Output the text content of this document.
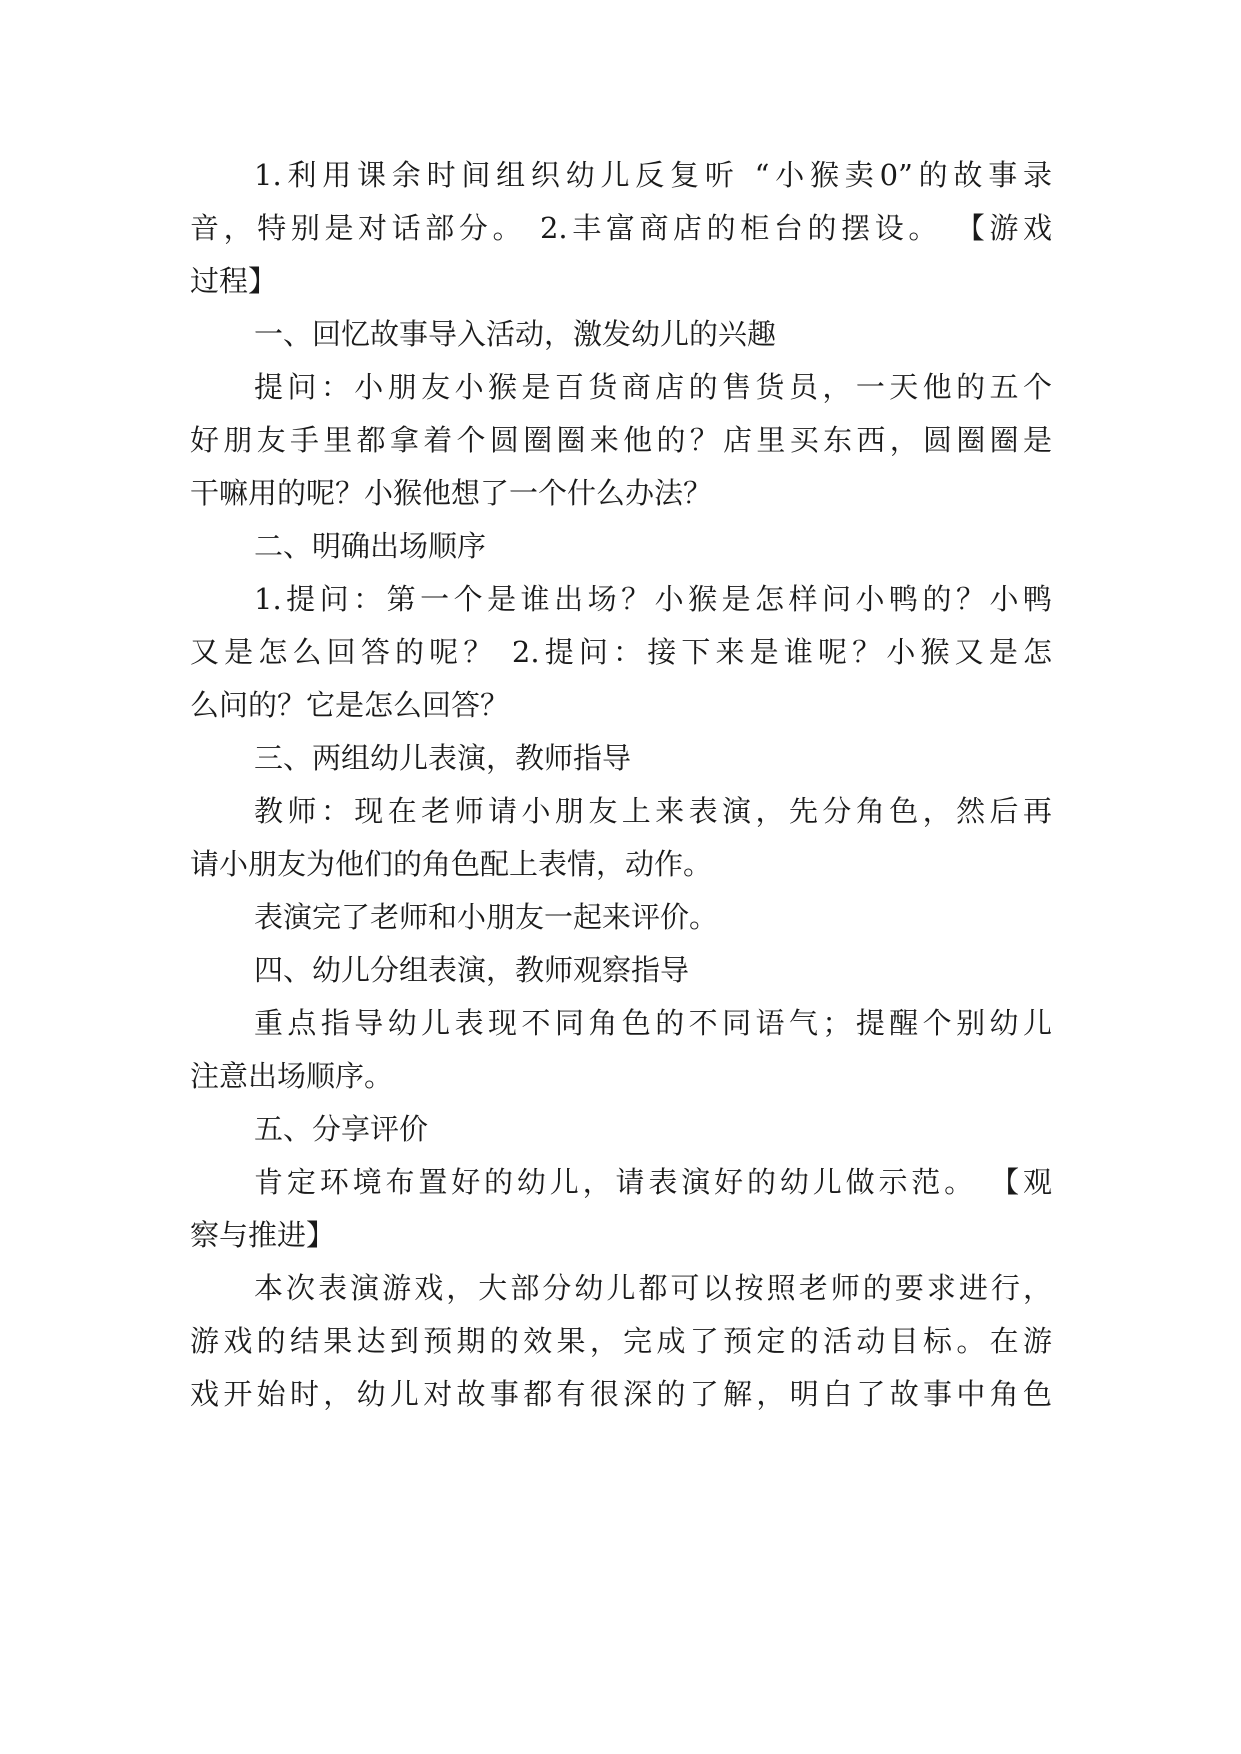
1.利用课余时间组织幼儿反复听 “小猴卖0”的故事录
音，特别是对话部分。 2.丰富商店的柜台的摆设。 【游戏
过程】
一、回忆故事导入活动，激发幼儿的兴趣
提问：小朋友小猴是百货商店的售货员，一天他的五个
好朋友手里都拿着个圆圈圈来他的？店里买东西，圆圈圈是
干嘛用的呢？小猴他想了一个什么办法？
二、明确出场顺序
1.提问：第一个是谁出场？小猴是怎样问小鸭的？小鸭
又是怎么回答的呢？ 2.提问：接下来是谁呢？小猴又是怎
么问的？它是怎么回答？
三、两组幼儿表演，教师指导
教师：现在老师请小朋友上来表演，先分角色，然后再
请小朋友为他们的角色配上表情，动作。
表演完了老师和小朋友一起来评价。
四、幼儿分组表演，教师观察指导
重点指导幼儿表现不同角色的不同语气；提醒个别幼儿
注意出场顺序。
五、分享评价
肯定环境布置好的幼儿，请表演好的幼儿做示范。 【观
察与推进】
本次表演游戏，大部分幼儿都可以按照老师的要求进行，
游戏的结果达到预期的效果，完成了预定的活动目标。在游
戏开始时，幼儿对故事都有很深的了解，明白了故事中角色
